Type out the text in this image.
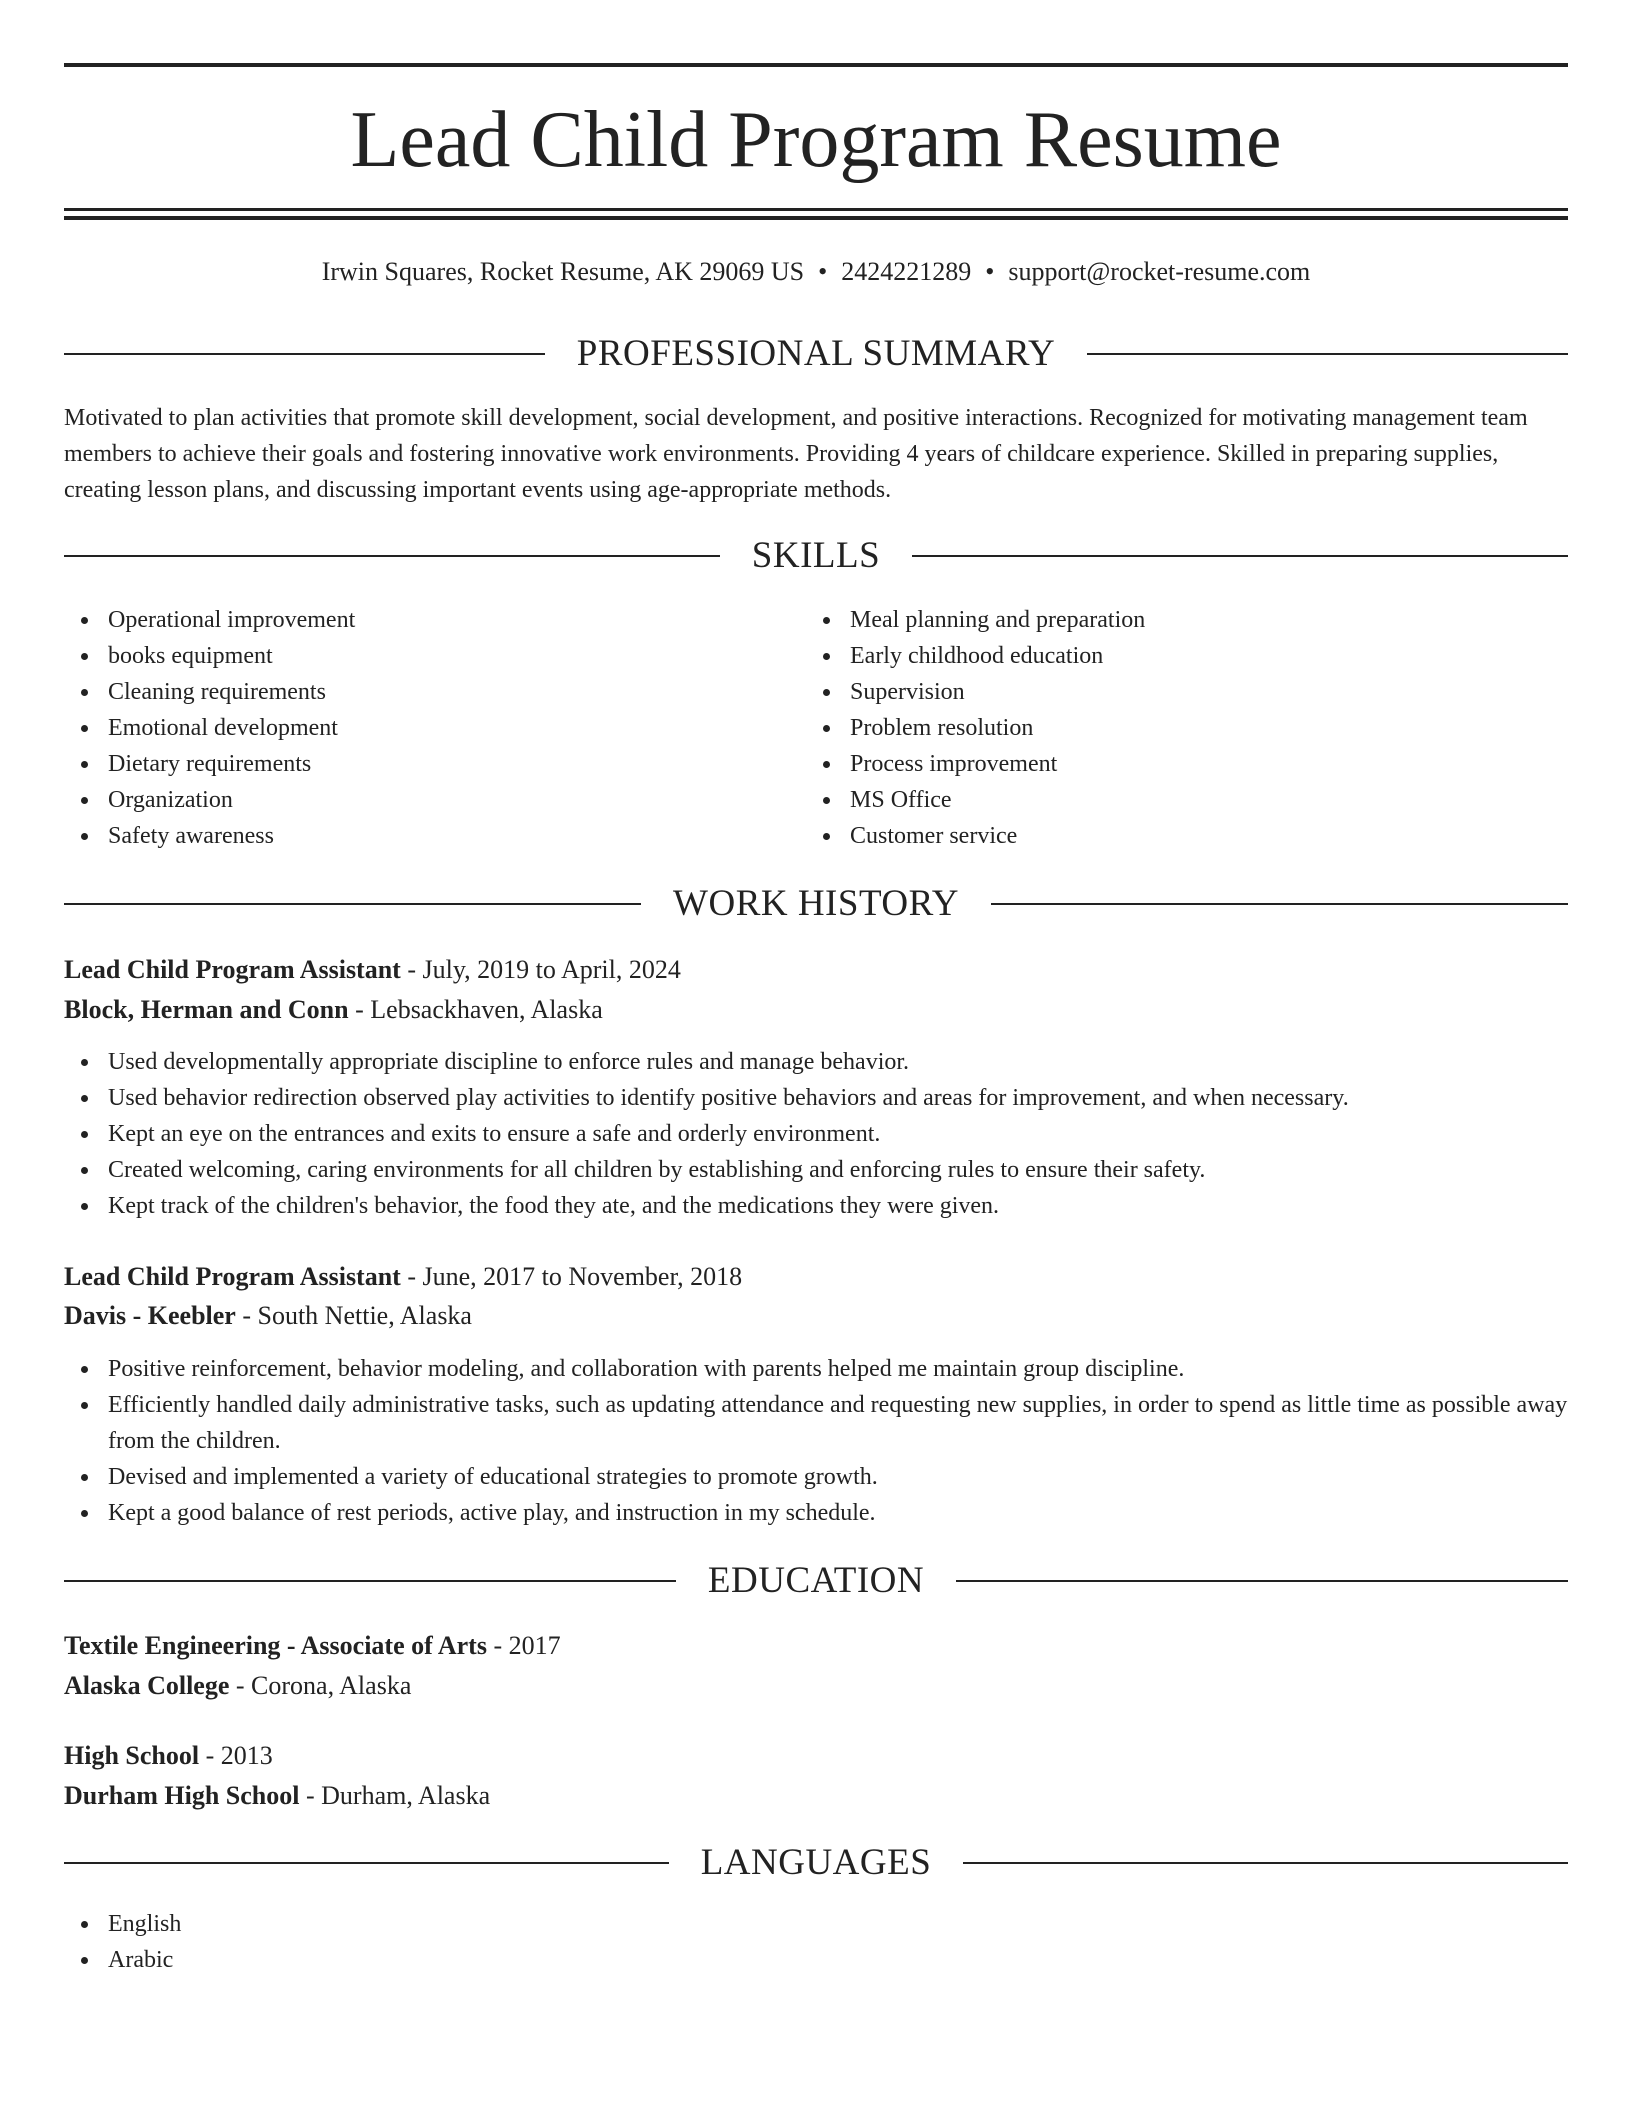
Lead Child Program Resume
Irwin Squares, Rocket Resume, AK 29069 US • 2424221289 • support@rocket-resume.com
PROFESSIONAL SUMMARY

Motivated to plan activities that promote skill development, social development, and positive interactions. Recognized for motivating management team members to achieve their goals and fostering innovative work environments. Providing 4 years of childcare experience. Skilled in preparing supplies, creating lesson plans, and discussing important events using age-appropriate methods.

SKILLS
Operational improvement
books equipment
Cleaning requirements
Emotional development
Dietary requirements
Organization
Safety awareness
Meal planning and preparation
Early childhood education
Supervision
Problem resolution
Process improvement
MS Office
Customer service
WORK HISTORY
Lead Child Program Assistant - July, 2019 to April, 2024
Block, Herman and Conn - Lebsackhaven, Alaska
Used developmentally appropriate discipline to enforce rules and manage behavior.
Used behavior redirection observed play activities to identify positive behaviors and areas for improvement, and when necessary.
Kept an eye on the entrances and exits to ensure a safe and orderly environment.
Created welcoming, caring environments for all children by establishing and enforcing rules to ensure their safety.
Kept track of the children's behavior, the food they ate, and the medications they were given.
Lead Child Program Assistant - June, 2017 to November, 2018
Davis - Keebler - South Nettie, Alaska
Positive reinforcement, behavior modeling, and collaboration with parents helped me maintain group discipline.
Efficiently handled daily administrative tasks, such as updating attendance and requesting new supplies, in order to spend as little time as possible away from the children.
Devised and implemented a variety of educational strategies to promote growth.
Kept a good balance of rest periods, active play, and instruction in my schedule.
EDUCATION
Textile Engineering - Associate of Arts - 2017
Alaska College - Corona, Alaska
High School - 2013
Durham High School - Durham, Alaska
LANGUAGES
English
Arabic
